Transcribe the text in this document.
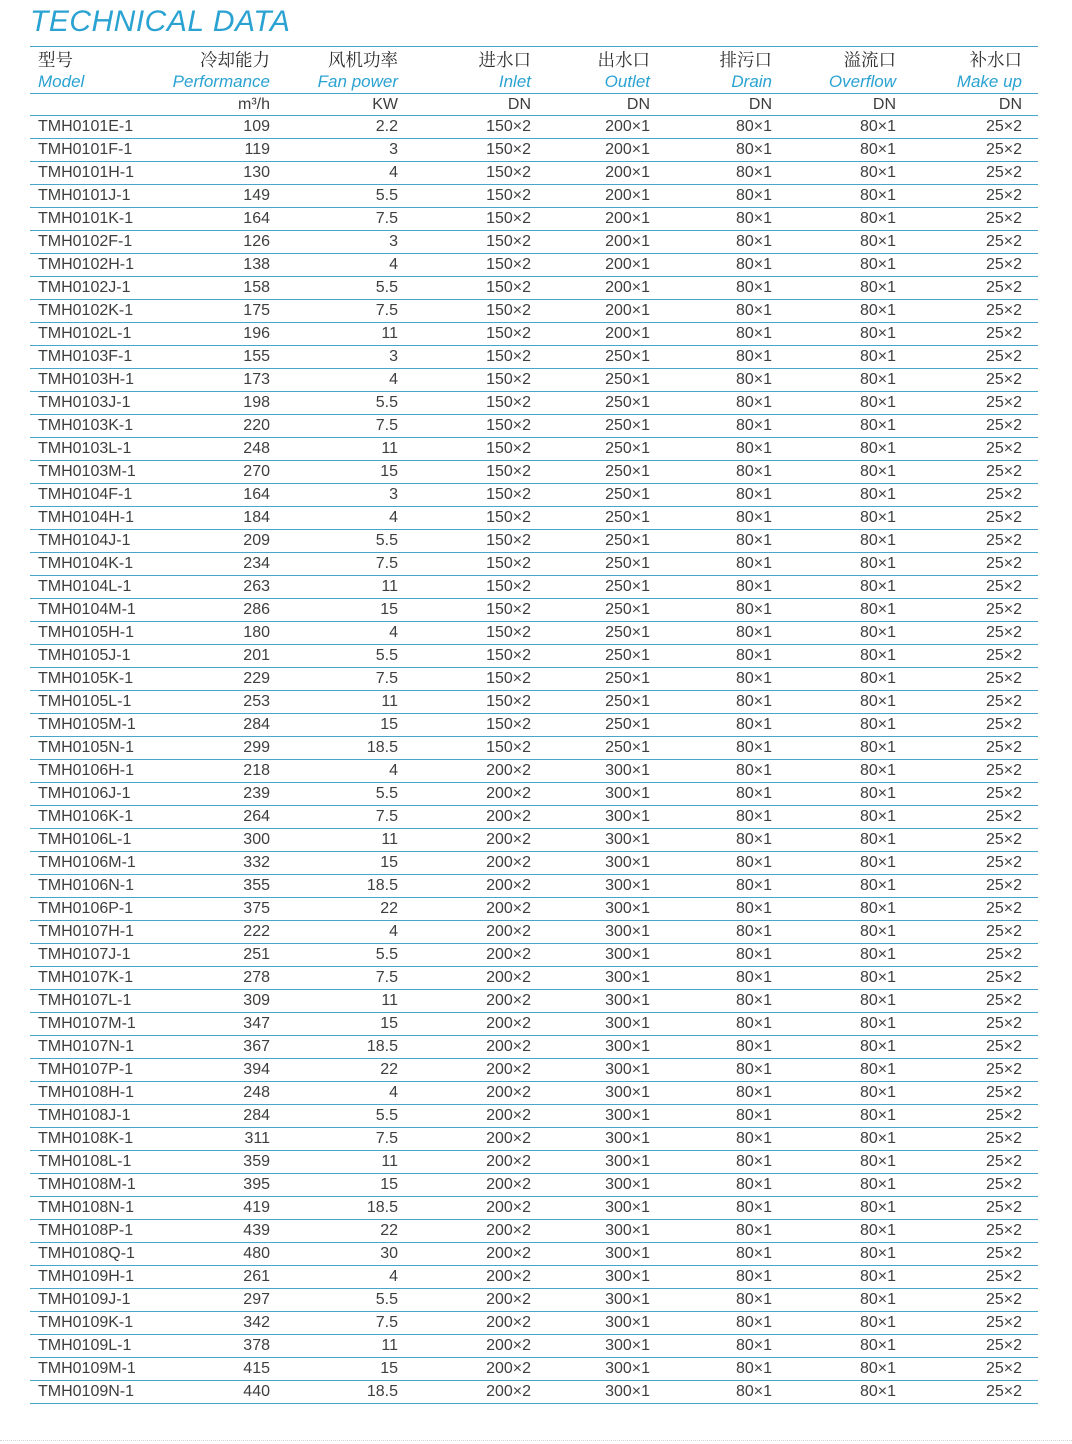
TECHNICAL DATA
型号	冷却能力	风机功率	进水口	出水口	排污口	溢流口	补水口
Model	Performance	Fan power	Inlet	Outlet	Drain	Overflow	Make up
	m³/h	KW	DN	DN	DN	DN	DN
TMH0101E-1	109	2.2	150×2	200×1	80×1	80×1	25×2
TMH0101F-1	119	3	150×2	200×1	80×1	80×1	25×2
TMH0101H-1	130	4	150×2	200×1	80×1	80×1	25×2
TMH0101J-1	149	5.5	150×2	200×1	80×1	80×1	25×2
TMH0101K-1	164	7.5	150×2	200×1	80×1	80×1	25×2
TMH0102F-1	126	3	150×2	200×1	80×1	80×1	25×2
TMH0102H-1	138	4	150×2	200×1	80×1	80×1	25×2
TMH0102J-1	158	5.5	150×2	200×1	80×1	80×1	25×2
TMH0102K-1	175	7.5	150×2	200×1	80×1	80×1	25×2
TMH0102L-1	196	11	150×2	200×1	80×1	80×1	25×2
TMH0103F-1	155	3	150×2	250×1	80×1	80×1	25×2
TMH0103H-1	173	4	150×2	250×1	80×1	80×1	25×2
TMH0103J-1	198	5.5	150×2	250×1	80×1	80×1	25×2
TMH0103K-1	220	7.5	150×2	250×1	80×1	80×1	25×2
TMH0103L-1	248	11	150×2	250×1	80×1	80×1	25×2
TMH0103M-1	270	15	150×2	250×1	80×1	80×1	25×2
TMH0104F-1	164	3	150×2	250×1	80×1	80×1	25×2
TMH0104H-1	184	4	150×2	250×1	80×1	80×1	25×2
TMH0104J-1	209	5.5	150×2	250×1	80×1	80×1	25×2
TMH0104K-1	234	7.5	150×2	250×1	80×1	80×1	25×2
TMH0104L-1	263	11	150×2	250×1	80×1	80×1	25×2
TMH0104M-1	286	15	150×2	250×1	80×1	80×1	25×2
TMH0105H-1	180	4	150×2	250×1	80×1	80×1	25×2
TMH0105J-1	201	5.5	150×2	250×1	80×1	80×1	25×2
TMH0105K-1	229	7.5	150×2	250×1	80×1	80×1	25×2
TMH0105L-1	253	11	150×2	250×1	80×1	80×1	25×2
TMH0105M-1	284	15	150×2	250×1	80×1	80×1	25×2
TMH0105N-1	299	18.5	150×2	250×1	80×1	80×1	25×2
TMH0106H-1	218	4	200×2	300×1	80×1	80×1	25×2
TMH0106J-1	239	5.5	200×2	300×1	80×1	80×1	25×2
TMH0106K-1	264	7.5	200×2	300×1	80×1	80×1	25×2
TMH0106L-1	300	11	200×2	300×1	80×1	80×1	25×2
TMH0106M-1	332	15	200×2	300×1	80×1	80×1	25×2
TMH0106N-1	355	18.5	200×2	300×1	80×1	80×1	25×2
TMH0106P-1	375	22	200×2	300×1	80×1	80×1	25×2
TMH0107H-1	222	4	200×2	300×1	80×1	80×1	25×2
TMH0107J-1	251	5.5	200×2	300×1	80×1	80×1	25×2
TMH0107K-1	278	7.5	200×2	300×1	80×1	80×1	25×2
TMH0107L-1	309	11	200×2	300×1	80×1	80×1	25×2
TMH0107M-1	347	15	200×2	300×1	80×1	80×1	25×2
TMH0107N-1	367	18.5	200×2	300×1	80×1	80×1	25×2
TMH0107P-1	394	22	200×2	300×1	80×1	80×1	25×2
TMH0108H-1	248	4	200×2	300×1	80×1	80×1	25×2
TMH0108J-1	284	5.5	200×2	300×1	80×1	80×1	25×2
TMH0108K-1	311	7.5	200×2	300×1	80×1	80×1	25×2
TMH0108L-1	359	11	200×2	300×1	80×1	80×1	25×2
TMH0108M-1	395	15	200×2	300×1	80×1	80×1	25×2
TMH0108N-1	419	18.5	200×2	300×1	80×1	80×1	25×2
TMH0108P-1	439	22	200×2	300×1	80×1	80×1	25×2
TMH0108Q-1	480	30	200×2	300×1	80×1	80×1	25×2
TMH0109H-1	261	4	200×2	300×1	80×1	80×1	25×2
TMH0109J-1	297	5.5	200×2	300×1	80×1	80×1	25×2
TMH0109K-1	342	7.5	200×2	300×1	80×1	80×1	25×2
TMH0109L-1	378	11	200×2	300×1	80×1	80×1	25×2
TMH0109M-1	415	15	200×2	300×1	80×1	80×1	25×2
TMH0109N-1	440	18.5	200×2	300×1	80×1	80×1	25×2
